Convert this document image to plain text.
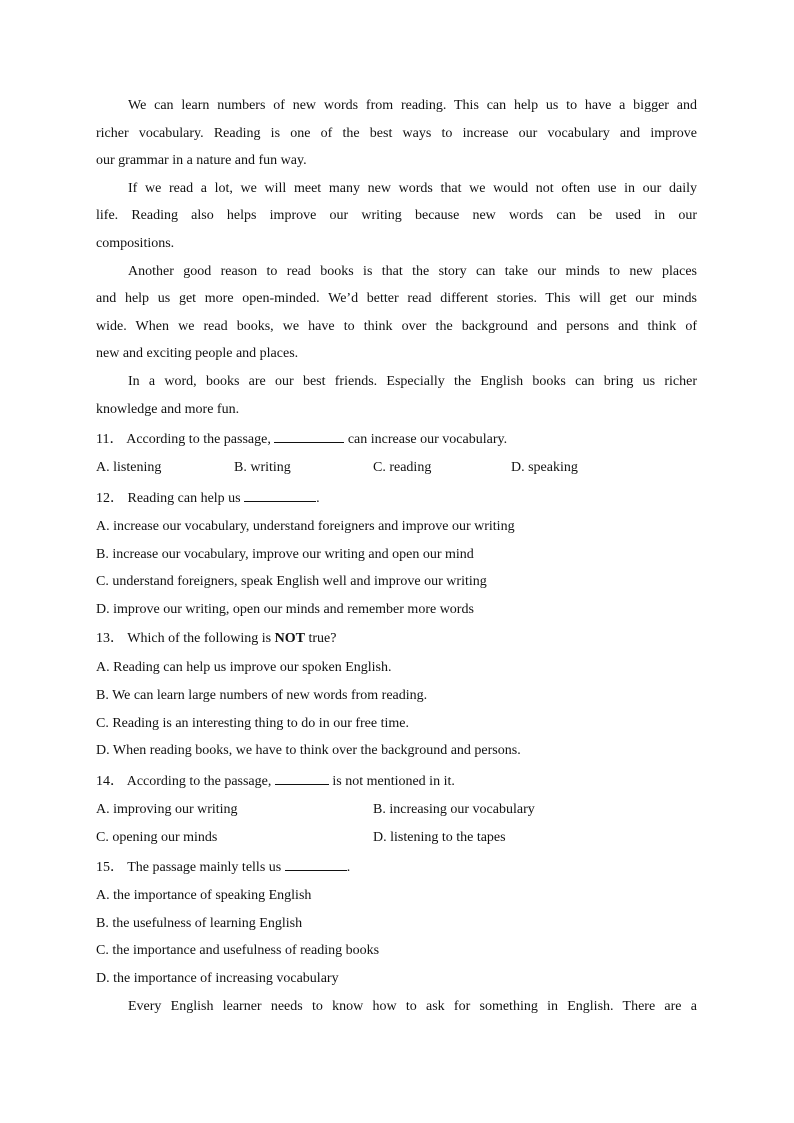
We can learn numbers of new words from reading. This can help us to have a bigger and
richer vocabulary. Reading is one of the best ways to increase our vocabulary and improve
our grammar in a nature and fun way.
If we read a lot, we will meet many new words that we would not often use in our daily
life. Reading also helps improve our writing because new words can be used in our
compositions.
Another good reason to read books is that the story can take our minds to new places
and help us get more open-minded. We’d better read different stories. This will get our minds
wide. When we read books, we have to think over the background and persons and think of
new and exciting people and places.
In a word, books are our best friends. Especially the English books can bring us richer
knowledge and more fun.
11． According to the passage,	can increase our vocabulary.
A. listening	B. writing	C. reading	D. speaking
12． Reading can help us	.
A. increase our vocabulary, understand foreigners and improve our writing
B. increase our vocabulary, improve our writing and open our mind
C. understand foreigners, speak English well and improve our writing
D. improve our writing, open our minds and remember more words
13． Which of the following is NOT true?
A. Reading can help us improve our spoken English.
B. We can learn large numbers of new words from reading.
C. Reading is an interesting thing to do in our free time.
D. When reading books, we have to think over the background and persons.
14． According to the passage,	is not mentioned in it.
A. improving our writing	B. increasing our vocabulary
C. opening our minds	D. listening to the tapes
15． The passage mainly tells us	.
A. the importance of speaking English
B. the usefulness of learning English
C. the importance and usefulness of reading books
D. the importance of increasing vocabulary
Every English learner needs to know how to ask for something in English. There are a
